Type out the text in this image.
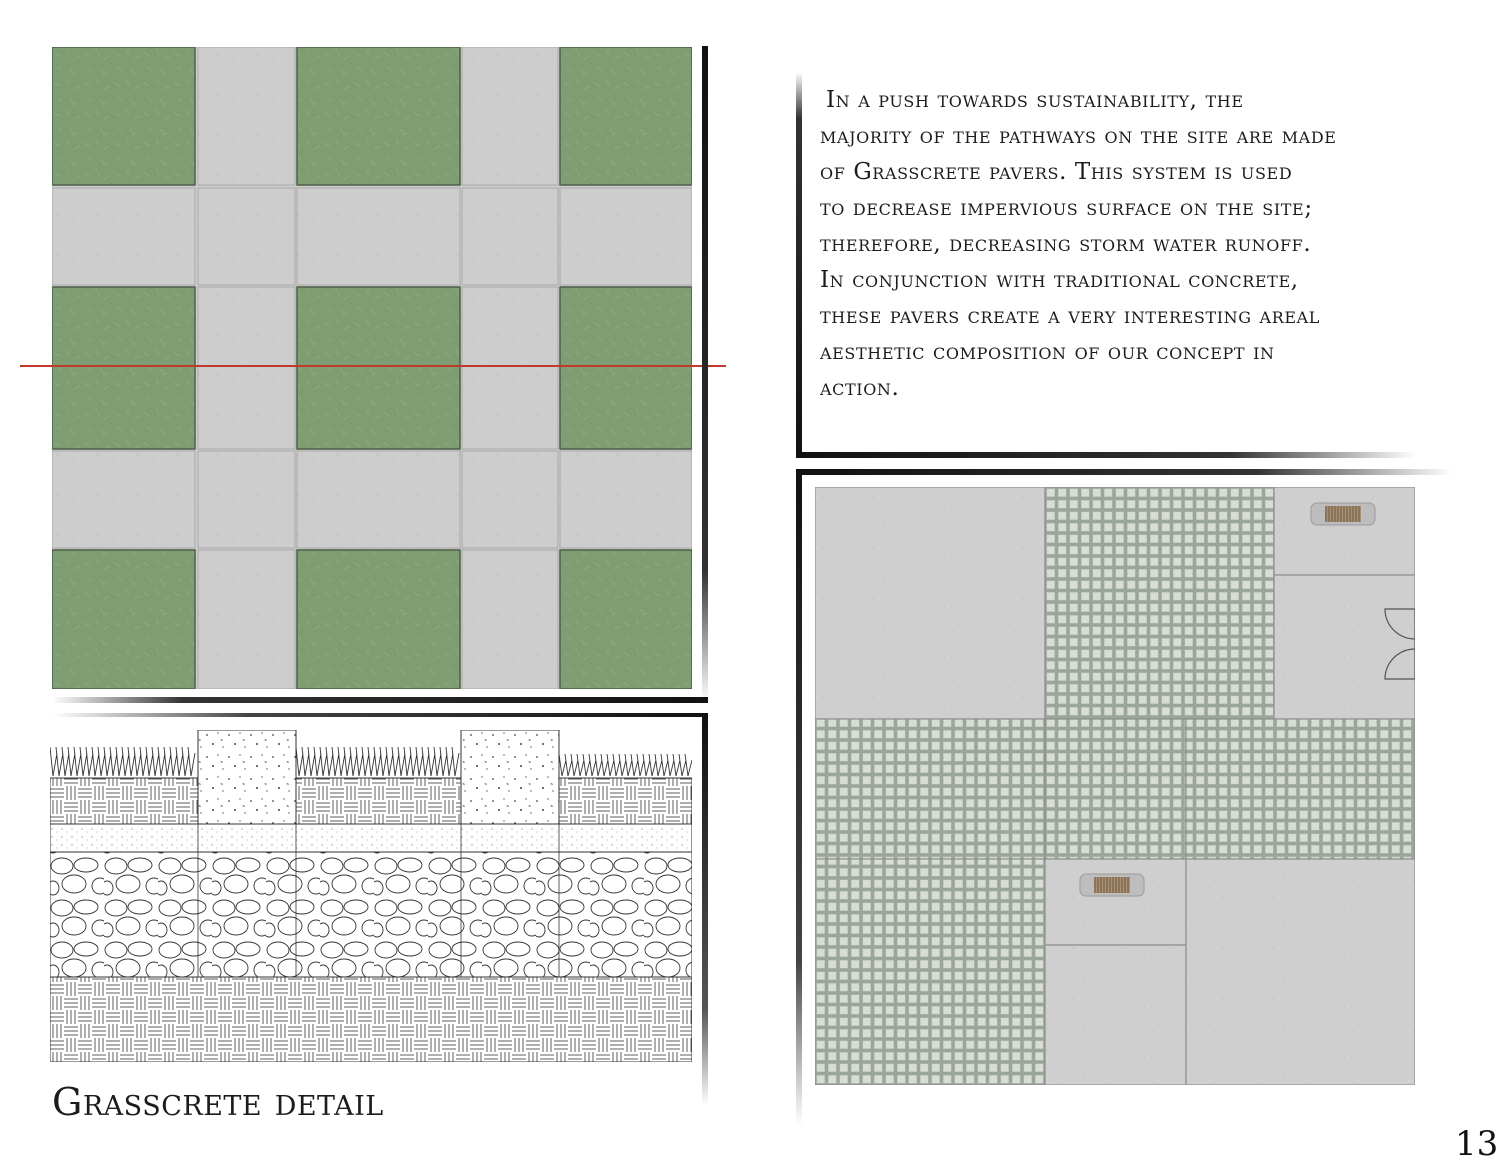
Grasscrete detail

In a push towards sustainability, the

majority of the pathways on the site are made

of Grasscrete pavers. This system is used

to decrease impervious surface on the site;

therefore, decreasing storm water runoff.

In conjunction with traditional concrete,

these pavers create a very interesting areal

aesthetic composition of our concept in

action.

13
